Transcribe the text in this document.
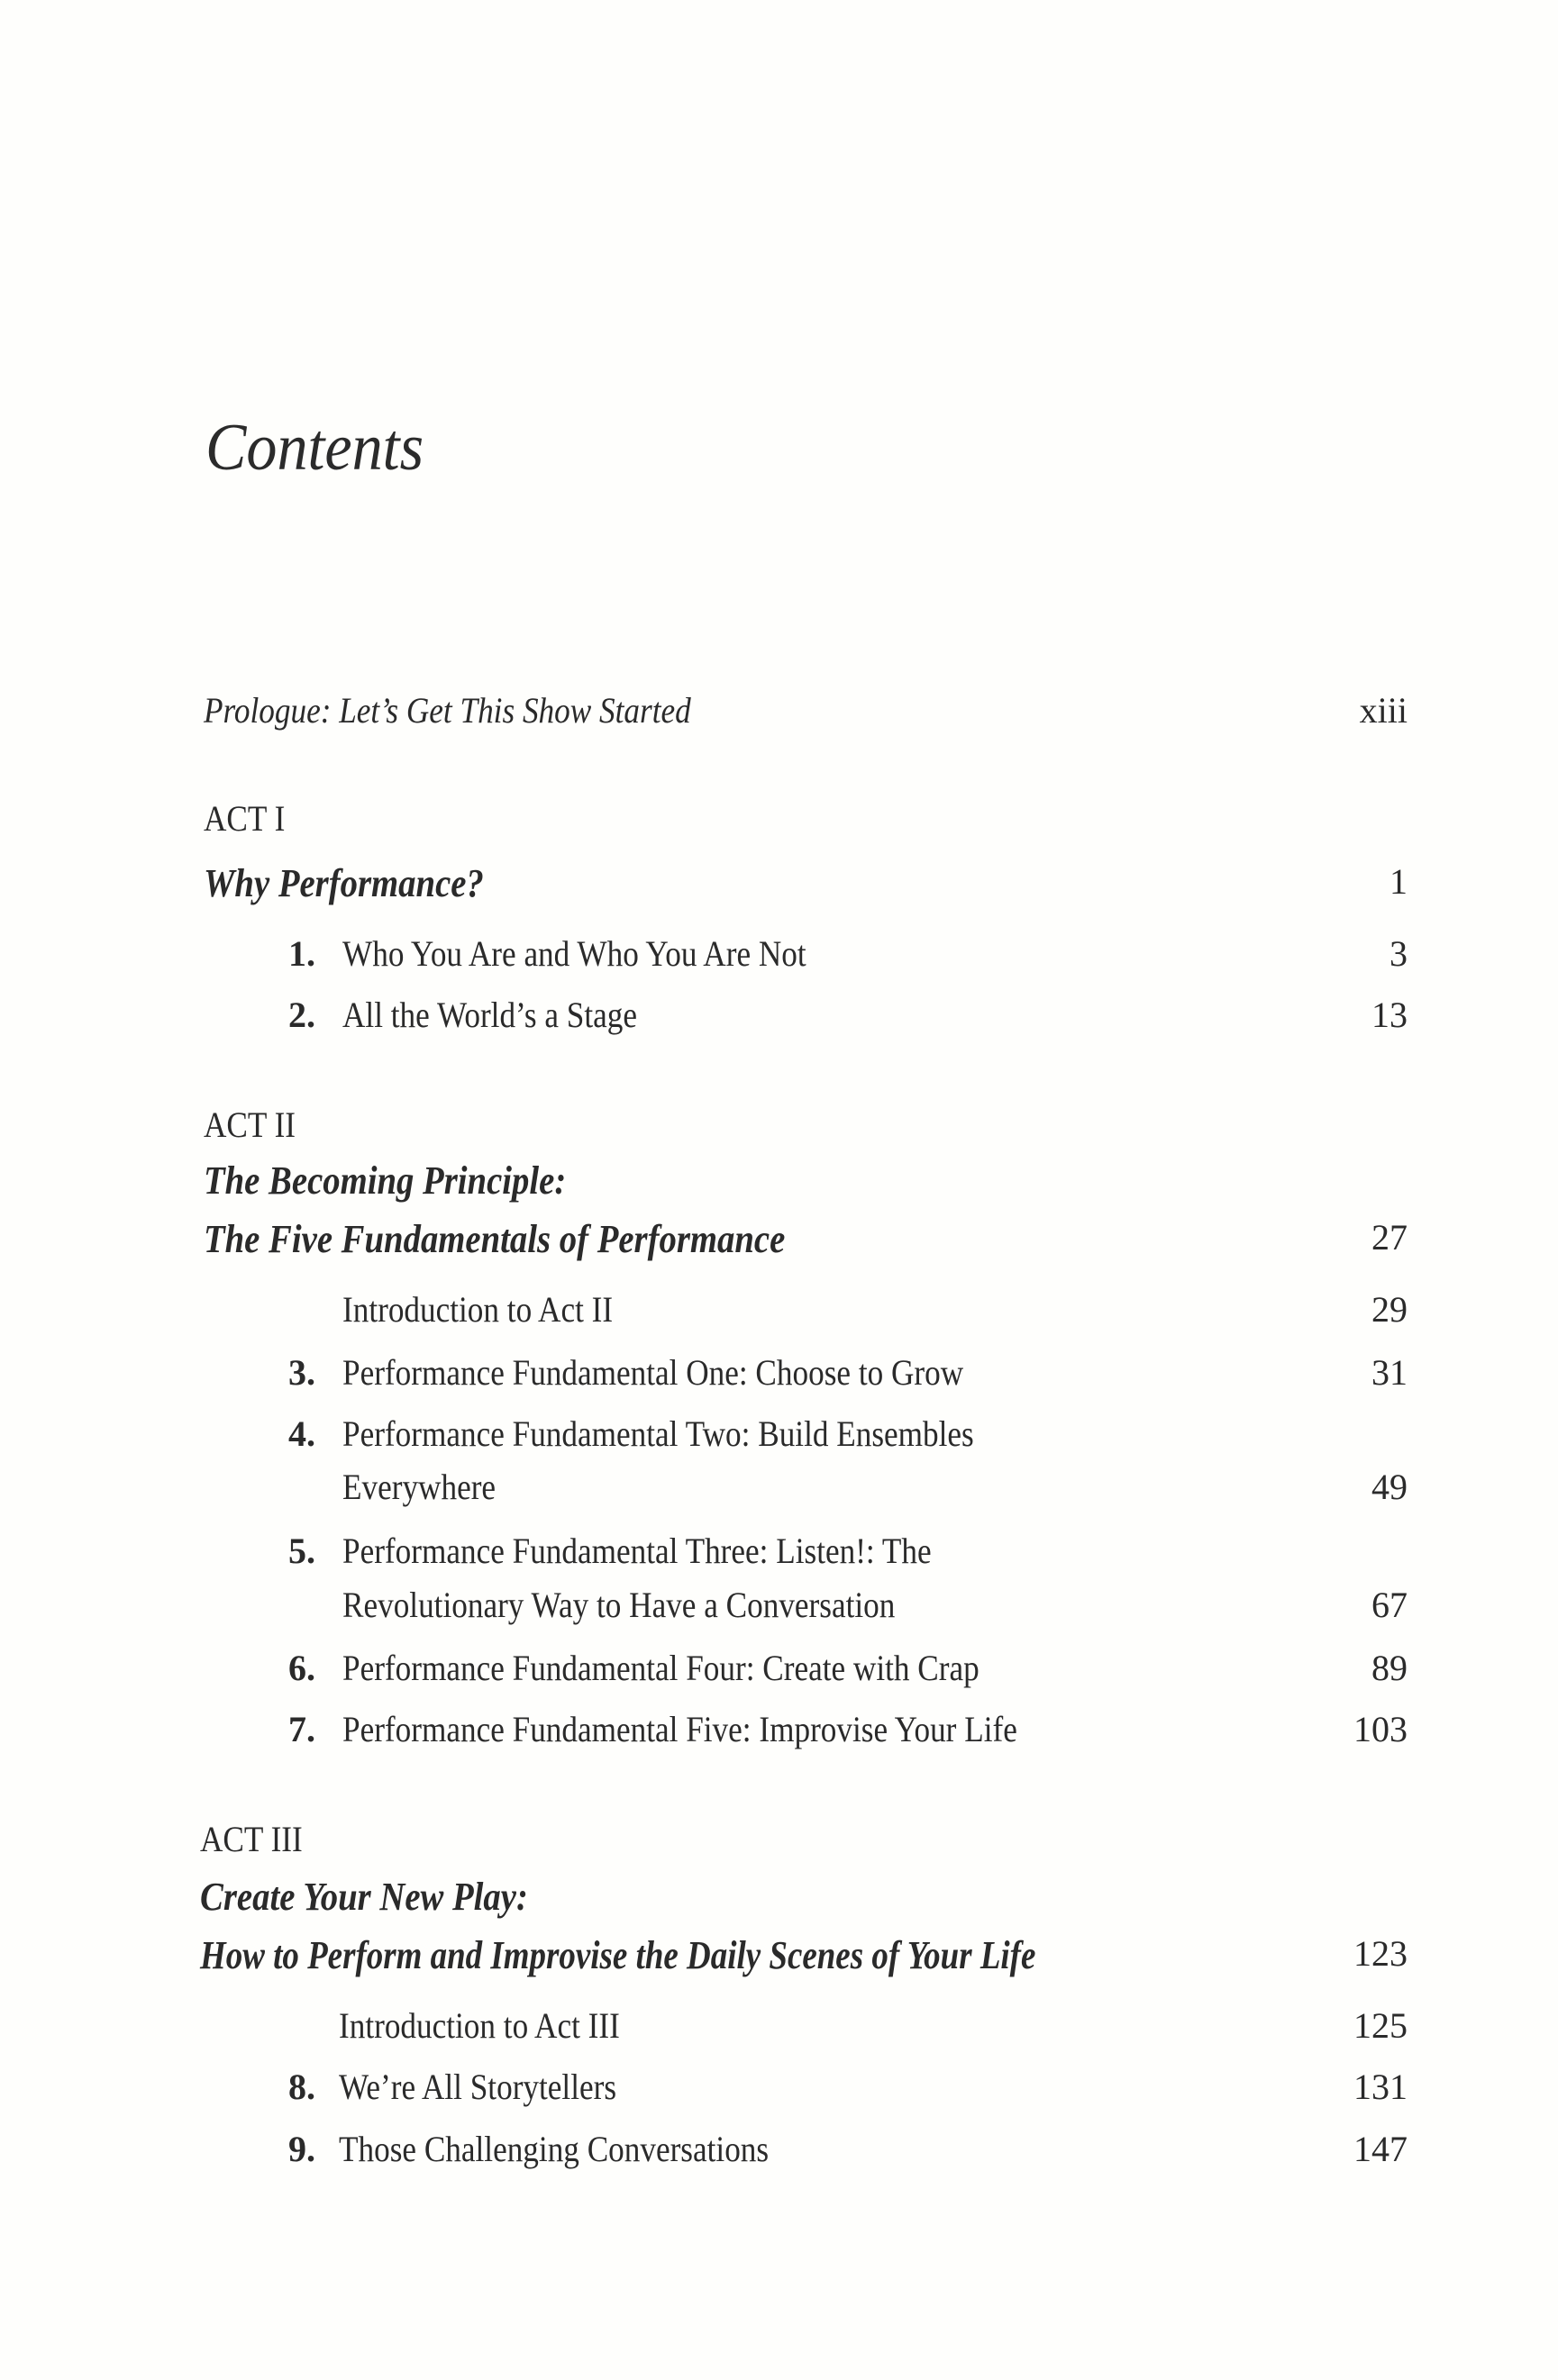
Contents
Prologue: Let’s Get This Show Started	xiii
ACT I
Why Performance?	1
1. Who You Are and Who You Are Not	3
2. All the World’s a Stage	13
ACT II
The Becoming Principle:
The Five Fundamentals of Performance	27
Introduction to Act II	29
3. Performance Fundamental One: Choose to Grow	31
4. Performance Fundamental Two: Build Ensembles
Everywhere	49
5. Performance Fundamental Three: Listen!: The
Revolutionary Way to Have a Conversation	67
6. Performance Fundamental Four: Create with Crap	89
7. Performance Fundamental Five: Improvise Your Life	103
ACT III
Create Your New Play:
How to Perform and Improvise the Daily Scenes of Your Life	123
Introduction to Act III	125
8. We’re All Storytellers	131
9. Those Challenging Conversations	147
